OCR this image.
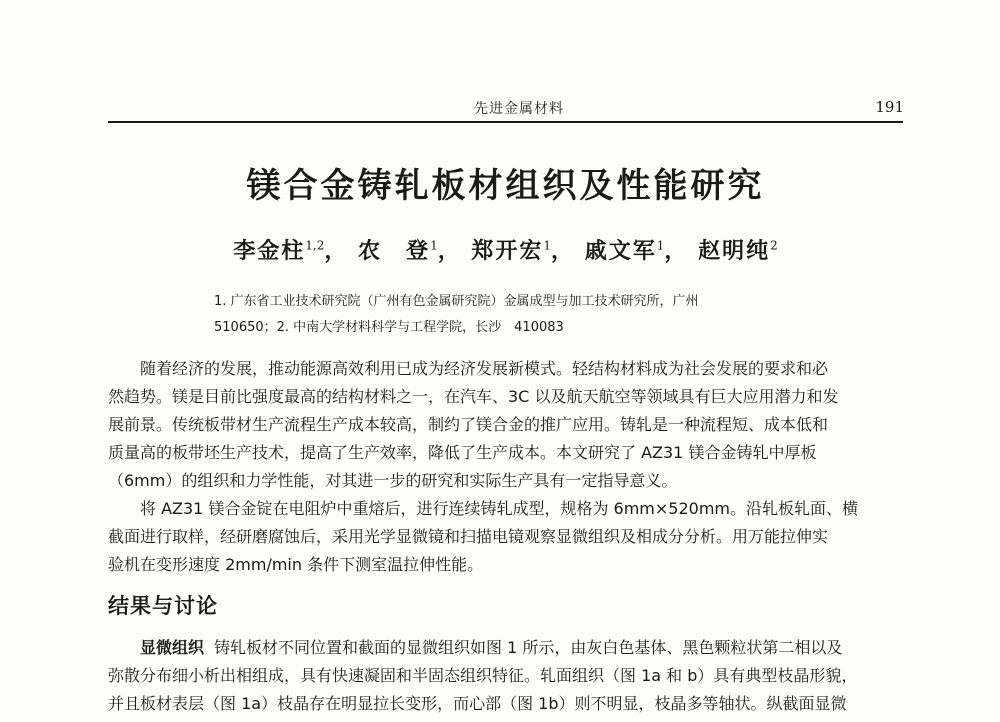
先进金属材料	191
镁合金铸轧板材组织及性能研究
李金柱$^{1,2}$， 农　登$^1$， 郑开宏$^1$， 戚文军$^1$， 赵明纯$^2$
1. 广东省工业技术研究院（广州有色金属研究院）金属成型与加工技术研究所，广州
510650；2. 中南大学材料科学与工程学院，长沙　410083
　　随着经济的发展，推动能源高效利用已成为经济发展新模式。轻结构材料成为社会发展的要求和必
然趋势。镁是目前比强度最高的结构材料之一，在汽车、3C 以及航天航空等领域具有巨大应用潜力和发
展前景。传统板带材生产流程生产成本较高，制约了镁合金的推广应用。铸轧是一种流程短、成本低和
质量高的板带坯生产技术，提高了生产效率，降低了生产成本。本文研究了 AZ31 镁合金铸轧中厚板
（6mm）的组织和力学性能，对其进一步的研究和实际生产具有一定指导意义。
　　将 AZ31 镁合金锭在电阻炉中重熔后，进行连续铸轧成型，规格为 6mm×520mm。沿轧板轧面、横
截面进行取样，经研磨腐蚀后，采用光学显微镜和扫描电镜观察显微组织及相成分分析。用万能拉伸实
验机在变形速度 2mm/min 条件下测室温拉伸性能。
结果与讨论
显微组织 铸轧板材不同位置和截面的显微组织如图 1 所示，由灰白色基体、黑色颗粒状第二相以及
弥散分布细小析出相组成，具有快速凝固和半固态组织特征。轧面组织（图 1a 和 b）具有典型枝晶形貌，
并且板材表层（图 1a）枝晶存在明显拉长变形，而心部（图 1b）则不明显，枝晶多等轴状。纵截面显微
